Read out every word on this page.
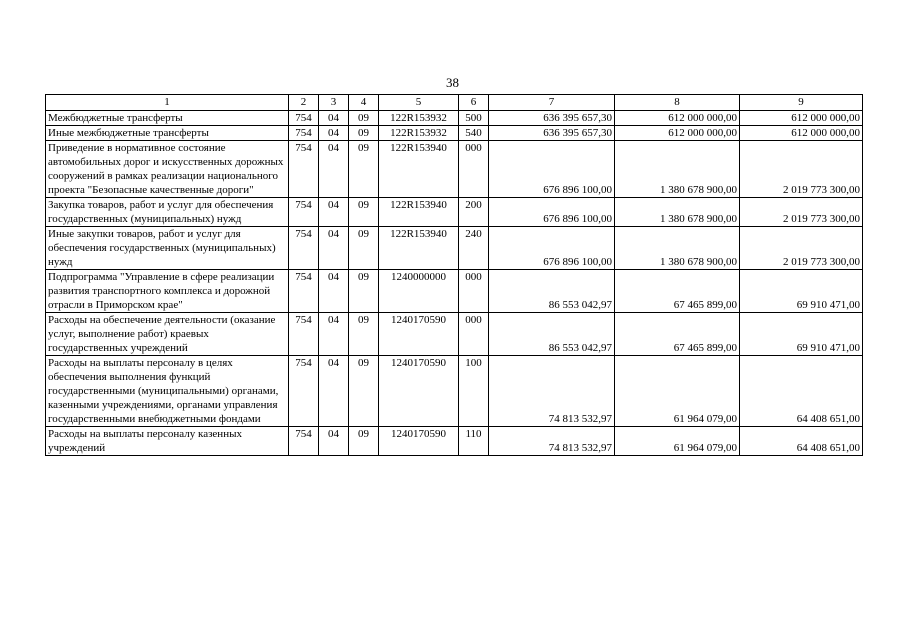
38
1	2	3	4	5	6	7	8	9
Межбюджетные трансферты	754	04	09	122R153932	500	636 395 657,30	612 000 000,00	612 000 000,00
Иные межбюджетные трансферты	754	04	09	122R153932	540	636 395 657,30	612 000 000,00	612 000 000,00
Приведение в нормативное состояние автомобильных дорог и искусственных дорожных сооружений в рамках реализации национального проекта "Безопасные качественные дороги"	754	04	09	122R153940	000	676 896 100,00	1 380 678 900,00	2 019 773 300,00
Закупка товаров, работ и услуг для обеспечения государственных (муниципальных) нужд	754	04	09	122R153940	200	676 896 100,00	1 380 678 900,00	2 019 773 300,00
Иные закупки товаров, работ и услуг для обеспечения государственных (муниципальных) нужд	754	04	09	122R153940	240	676 896 100,00	1 380 678 900,00	2 019 773 300,00
Подпрограмма "Управление в сфере реализации развития транспортного комплекса и дорожной отрасли в Приморском крае"	754	04	09	1240000000	000	86 553 042,97	67 465 899,00	69 910 471,00
Расходы на обеспечение деятельности (оказание услуг, выполнение работ) краевых государственных учреждений	754	04	09	1240170590	000	86 553 042,97	67 465 899,00	69 910 471,00
Расходы на выплаты персоналу в целях обеспечения выполнения функций государственными (муниципальными) органами, казенными учреждениями, органами управления государственными внебюджетными фондами	754	04	09	1240170590	100	74 813 532,97	61 964 079,00	64 408 651,00
Расходы на выплаты персоналу казенных учреждений	754	04	09	1240170590	110	74 813 532,97	61 964 079,00	64 408 651,00
